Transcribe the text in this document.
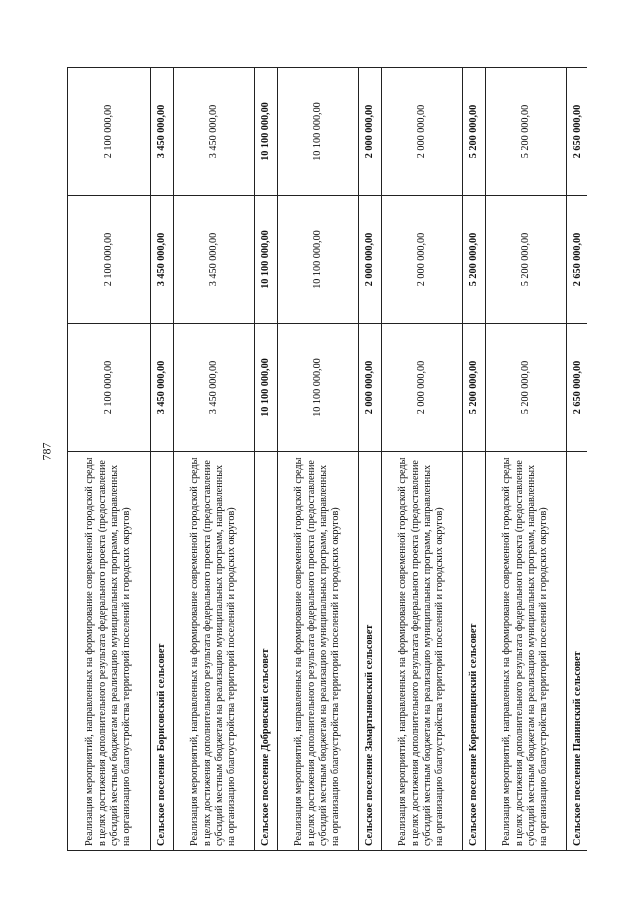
787
Реализация мероприятий, направленных на формирование современной городской среды в целях достижения дополнительного результата федерального проекта (предоставление субсидий местным бюджетам на реализацию муниципальных программ, направленных на организацию благоустройства территорий поселений и городских округов)	2 100 000,00	2 100 000,00	2 100 000,00
Сельское поселение Борисовский сельсовет	3 450 000,00	3 450 000,00	3 450 000,00
Реализация мероприятий, направленных на формирование современной городской среды в целях достижения дополнительного результата федерального проекта (предоставление субсидий местным бюджетам на реализацию муниципальных программ, направленных на организацию благоустройства территорий поселений и городских округов)	3 450 000,00	3 450 000,00	3 450 000,00
Сельское поселение Добровский сельсовет	10 100 000,00	10 100 000,00	10 100 000,00
Реализация мероприятий, направленных на формирование современной городской среды в целях достижения дополнительного результата федерального проекта (предоставление субсидий местным бюджетам на реализацию муниципальных программ, направленных на организацию благоустройства территорий поселений и городских округов)	10 100 000,00	10 100 000,00	10 100 000,00
Сельское поселение Замартыновский сельсовет	2 000 000,00	2 000 000,00	2 000 000,00
Реализация мероприятий, направленных на формирование современной городской среды в целях достижения дополнительного результата федерального проекта (предоставление субсидий местным бюджетам на реализацию муниципальных программ, направленных на организацию благоустройства территорий поселений и городских округов)	2 000 000,00	2 000 000,00	2 000 000,00
Сельское поселение Кореневщинский сельсовет	5 200 000,00	5 200 000,00	5 200 000,00
Реализация мероприятий, направленных на формирование современной городской среды в целях достижения дополнительного результата федерального проекта (предоставление субсидий местным бюджетам на реализацию муниципальных программ, направленных на организацию благоустройства территорий поселений и городских округов)	5 200 000,00	5 200 000,00	5 200 000,00
Сельское поселение Панинский сельсовет	2 650 000,00	2 650 000,00	2 650 000,00
